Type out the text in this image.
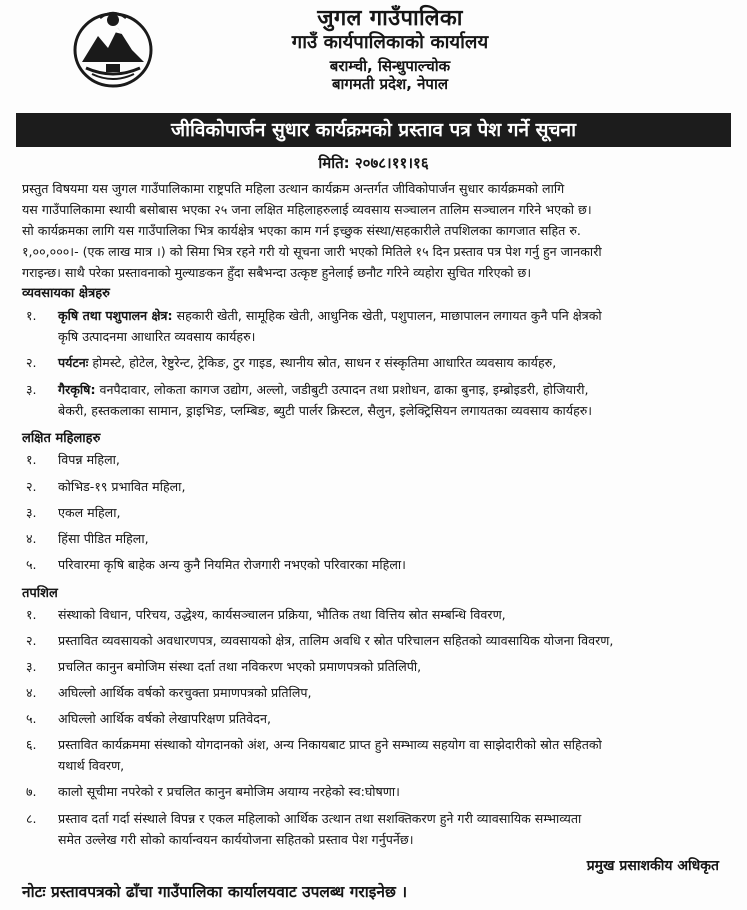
जुगल गाउँपालिका
गाउँ कार्यपालिकाको कार्यालय
बराम्ची, सिन्धुपाल्चोक
बागमती प्रदेश, नेपाल
जीविकोपार्जन सुधार कार्यक्रमको प्रस्ताव पत्र पेश गर्ने सूचना
मिति: २०७८।११।१६

प्रस्तुत विषयमा यस जुगल गाउँपालिकामा राष्ट्रपति महिला उत्थान कार्यक्रम अन्तर्गत जीविकोपार्जन सुधार कार्यक्रमको लागि

यस गाउँपालिकामा स्थायी बसोबास भएका २५ जना लक्षित महिलाहरुलाई व्यवसाय सञ्चालन तालिम सञ्चालन गरिने भएको छ।

सो कार्यक्रमका लागि यस गाउँपालिका भित्र कार्यक्षेत्र भएका काम गर्न इच्छुक संस्था/सहकारीले तपशिलका कागजात सहित रु.

१,००,०००।- (एक लाख मात्र ।) को सिमा भित्र रहने गरी यो सूचना जारी भएको मितिले १५ दिन प्रस्ताव पत्र पेश गर्नु हुन जानकारी

गराइन्छ। साथै परेका प्रस्तावनाको मुल्याङकन हुँदा सबैभन्दा उत्कृष्ट हुनेलाई छनौट गरिने व्यहोरा सुचित गरिएको छ।

व्यवसायका क्षेत्रहरु
१.	कृषि तथा पशुपालन क्षेत्र: सहकारी खेती, सामूहिक खेती, आधुनिक खेती, पशुपालन, माछापालन लगायत कुनै पनि क्षेत्रको
कृषि उत्पादनमा आधारित व्यवसाय कार्यहरु।
२.	पर्यटनः होमस्टे, होटेल, रेष्टुरेन्ट, ट्रेकिङ, टुर गाइड, स्थानीय स्रोत, साधन र संस्कृतिमा आधारित व्यवसाय कार्यहरु,
३.	गैरकृषि: वनपैदावार, लोकता कागज उद्योग, अल्लो, जडीबुटी उत्पादन तथा प्रशोधन, ढाका बुनाइ, इम्ब्रोइडरी, होजियारी,
बेकरी, हस्तकलाका सामान, ड्राइभिङ, प्लम्बिङ, ब्युटी पार्लर क्रिस्टल, सैलुन, इलेक्ट्रिसियन लगायतका व्यवसाय कार्यहरु।
लक्षित महिलाहरु
१.	विपन्न महिला,
२.	कोभिड-१९ प्रभावित महिला,
३.	एकल महिला,
४.	हिंसा पीडित महिला,
५.	परिवारमा कृषि बाहेक अन्य कुनै नियमित रोजगारी नभएको परिवारका महिला।
तपशिल
१.	संस्थाको विधान, परिचय, उद्धेश्य, कार्यसञ्चालन प्रक्रिया, भौतिक तथा वित्तिय स्रोत सम्बन्धि विवरण,
२.	प्रस्तावित व्यवसायको अवधारणपत्र, व्यवसायको क्षेत्र, तालिम अवधि र स्रोत परिचालन सहितको व्यावसायिक योजना विवरण,
३.	प्रचलित कानुन बमोजिम संस्था दर्ता तथा नविकरण भएको प्रमाणपत्रको प्रतिलिपी,
४.	अघिल्लो आर्थिक वर्षको करचुक्ता प्रमाणपत्रको प्रतिलिप,
५.	अघिल्लो आर्थिक वर्षको लेखापरिक्षण प्रतिवेदन,
६.	प्रस्तावित कार्यक्रममा संस्थाको योगदानको अंश, अन्य निकायबाट प्राप्त हुने सम्भाव्य सहयोग वा साझेदारीको स्रोत सहितको
यथार्थ विवरण,
७.	कालो सूचीमा नपरेको र प्रचलित कानुन बमोजिम अयाग्य नरहेको स्व:घोषणा।
८.	प्रस्ताव दर्ता गर्दा संस्थाले विपन्न र एकल महिलाको आर्थिक उत्थान तथा सशक्तिकरण हुने गरी व्यावसायिक सम्भाव्यता
समेत उल्लेख गरी सोको कार्यान्वयन कार्ययोजना सहितको प्रस्ताव पेश गर्नुपर्नेछ।
प्रमुख प्रसाशकीय अधिकृत
नोटः प्रस्तावपत्रको ढाँचा गाउँपालिका कार्यालयवाट उपलब्ध गराइनेछ ।
